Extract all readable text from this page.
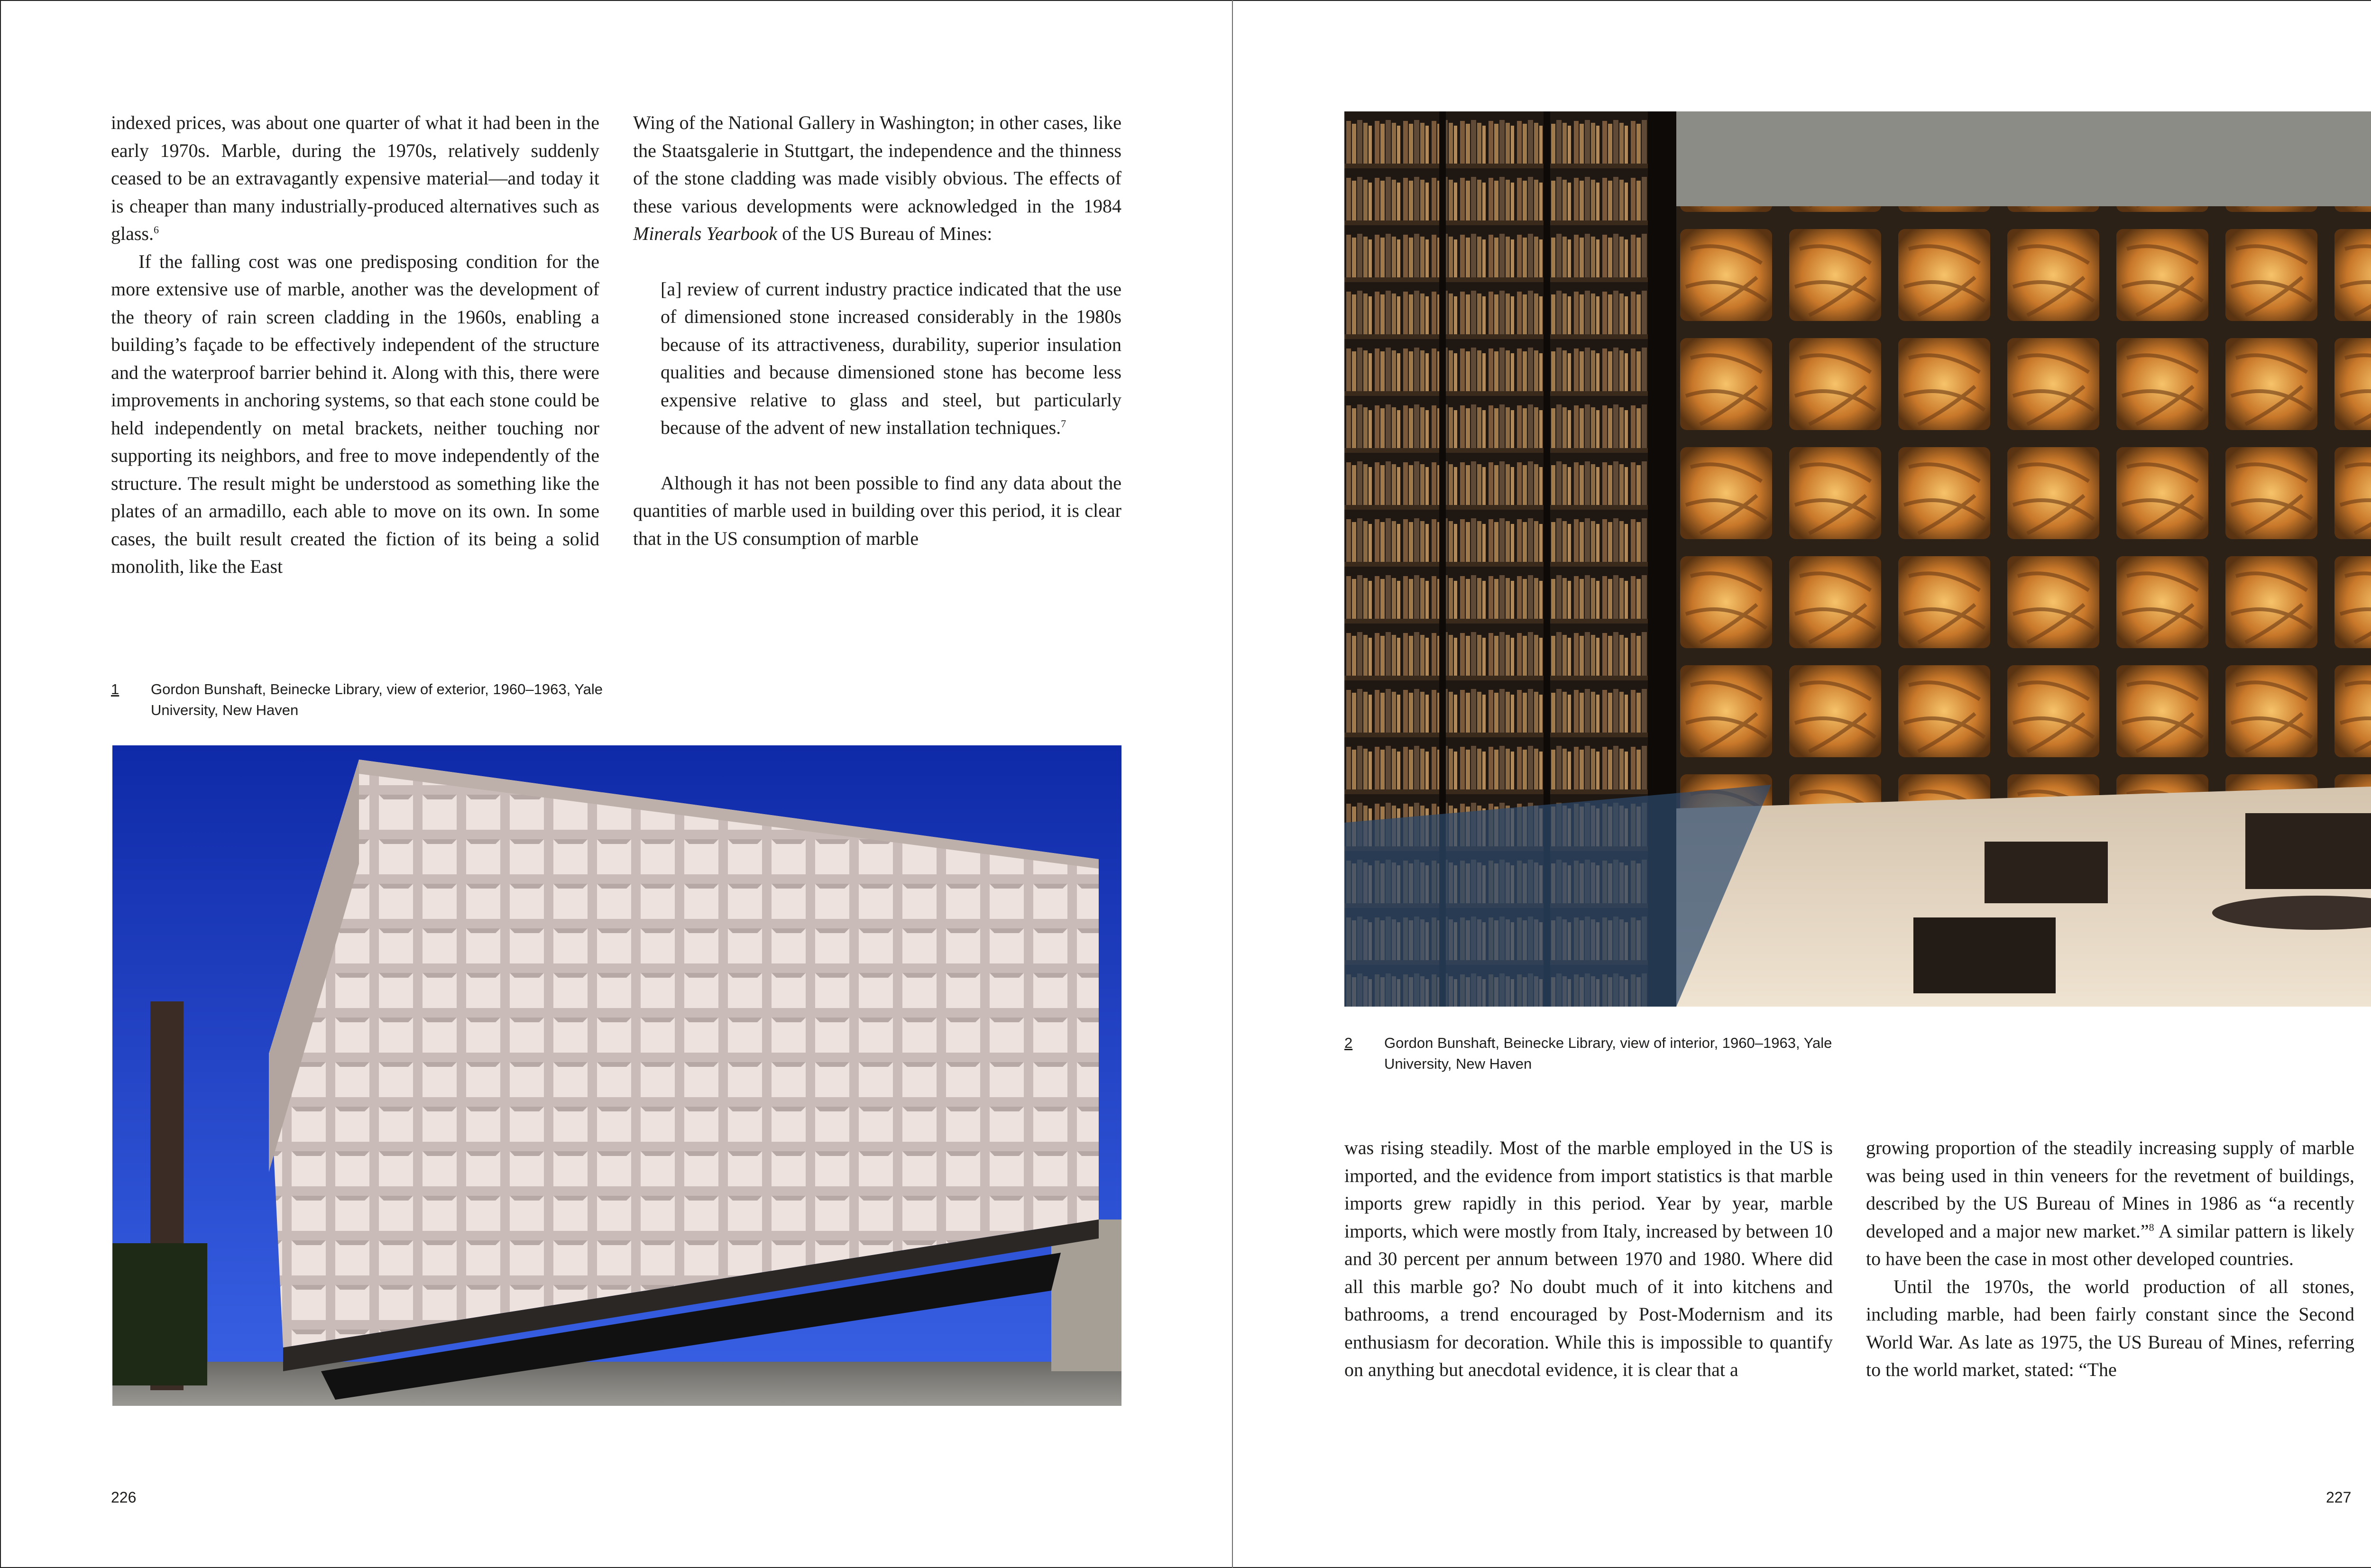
indexed prices, was about one quarter of what it had been in the early 1970s. Marble, during the 1970s, relatively suddenly ceased to be an extravagantly expensive material—and today it is cheaper than many industrially-produced alternatives such as glass.$^6$

If the falling cost was one predisposing condition for the more extensive use of marble, another was the development of the theory of rain screen cladding in the 1960s, enabling a building’s façade to be effectively independent of the structure and the waterproof barrier behind it. Along with this, there were improvements in anchoring systems, so that each stone could be held independently on metal brackets, neither touching nor supporting its neighbors, and free to move independently of the structure. The result might be understood as something like the plates of an armadillo, each able to move on its own. In some cases, the built result created the fiction of its being a solid monolith, like the East

Wing of the National Gallery in Washington; in other cases, like the Staatsgalerie in Stuttgart, the independence and the thinness of the stone cladding was made visibly obvious. The effects of these various developments were acknowledged in the 1984 Minerals Yearbook of the US Bureau of Mines:

[a] review of current industry practice indicated that the use of dimensioned stone increased considerably in the 1980s because of its attractiveness, durability, superior insulation qualities and because dimensioned stone has become less expensive relative to glass and steel, but particularly because of the advent of new installation techniques.$^7$

Although it has not been possible to find any data about the quantities of marble used in building over this period, it is clear that in the US consumption of marble

1 Gordon Bunshaft, Beinecke Library, view of exterior, 1960–1963, Yale University, New Haven
226
2 Gordon Bunshaft, Beinecke Library, view of interior, 1960–1963, Yale University, New Haven

was rising steadily. Most of the marble employed in the US is imported, and the evidence from import statistics is that marble imports grew rapidly in this period. Year by year, marble imports, which were mostly from Italy, increased by between 10 and 30 percent per annum between 1970 and 1980. Where did all this marble go? No doubt much of it into kitchens and bathrooms, a trend encouraged by Post-Modernism and its enthusiasm for decoration. While this is impossible to quantify on anything but anecdotal evidence, it is clear that a

growing proportion of the steadily increasing supply of marble was being used in thin veneers for the revetment of buildings, described by the US Bureau of Mines in 1986 as “a recently developed and a major new market.”$^8$ A similar pattern is likely to have been the case in most other developed countries.

Until the 1970s, the world production of all stones, including marble, had been fairly constant since the Second World War. As late as 1975, the US Bureau of Mines, referring to the world market, stated: “The

227
